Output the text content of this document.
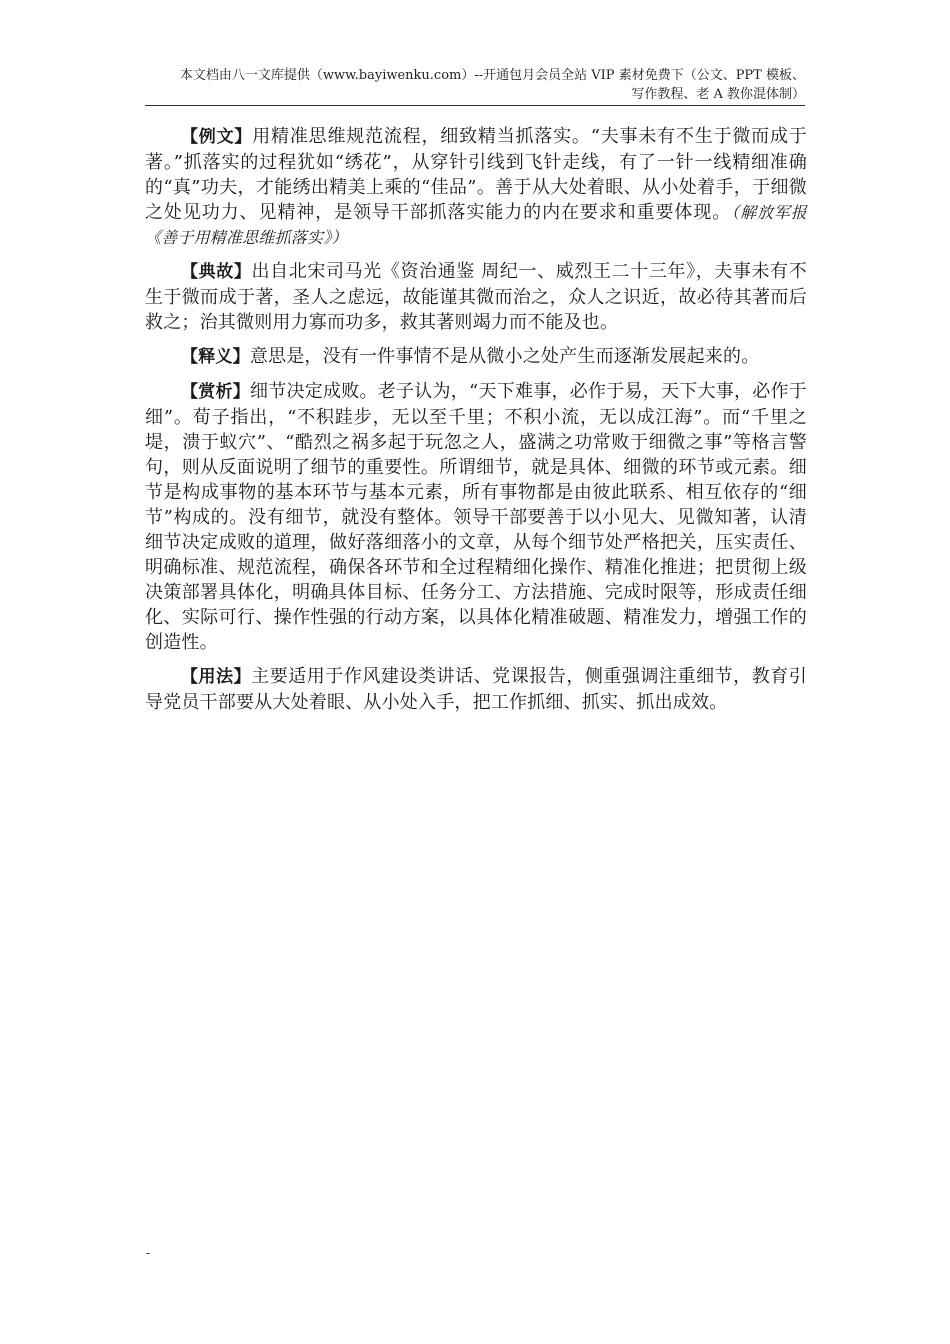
本文档由八一文库提供（www.bayiwenku.com）--开通包月会员全站 VIP 素材免费下（公文、PPT 模板、
写作教程、老 A 教你混体制）

【例文】用精准思维规范流程，细致精当抓落实。“夫事未有不生于微而成于著。”抓落实的过程犹如“绣花”，从穿针引线到飞针走线，有了一针一线精细准确的“真”功夫，才能绣出精美上乘的“佳品”。善于从大处着眼、从小处着手，于细微之处见功力、见精神，是领导干部抓落实能力的内在要求和重要体现。（解放军报《善于用精准思维抓落实》）

【典故】出自北宋司马光《资治通鉴 周纪一、威烈王二十三年》，夫事未有不生于微而成于著，圣人之虑远，故能谨其微而治之，众人之识近，故必待其著而后救之；治其微则用力寡而功多，救其著则竭力而不能及也。

【释义】意思是，没有一件事情不是从微小之处产生而逐渐发展起来的。

【赏析】细节决定成败。老子认为，“天下难事，必作于易，天下大事，必作于细”。荀子指出，“不积跬步，无以至千里；不积小流，无以成江海”。而“千里之堤，溃于蚁穴”、“酷烈之祸多起于玩忽之人，盛满之功常败于细微之事”等格言警句，则从反面说明了细节的重要性。所谓细节，就是具体、细微的环节或元素。细节是构成事物的基本环节与基本元素，所有事物都是由彼此联系、相互依存的“细节”构成的。没有细节，就没有整体。领导干部要善于以小见大、见微知著，认清细节决定成败的道理，做好落细落小的文章，从每个细节处严格把关，压实责任、明确标准、规范流程，确保各环节和全过程精细化操作、精准化推进；把贯彻上级决策部署具体化，明确具体目标、任务分工、方法措施、完成时限等，形成责任细化、实际可行、操作性强的行动方案，以具体化精准破题、精准发力，增强工作的创造性。

【用法】主要适用于作风建设类讲话、党课报告，侧重强调注重细节，教育引导党员干部要从大处着眼、从小处入手，把工作抓细、抓实、抓出成效。

-
